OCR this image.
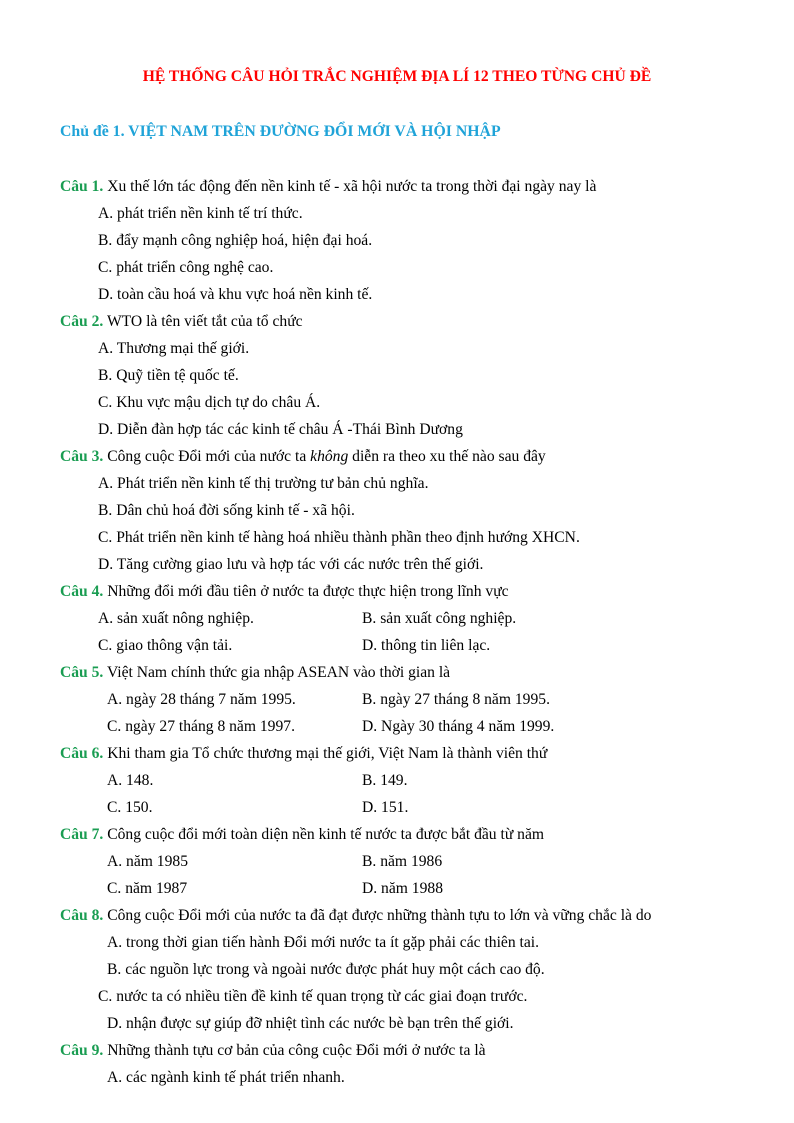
HỆ THỐNG CÂU HỎI TRẮC NGHIỆM ĐỊA LÍ 12 THEO TỪNG CHỦ ĐỀ
Chủ đề 1. VIỆT NAM TRÊN ĐƯỜNG ĐỔI MỚI VÀ HỘI NHẬP
Câu 1. Xu thế lớn tác động đến nền kinh tế - xã hội nước ta trong thời đại ngày nay là
A. phát triển nền kinh tế trí thức.
B. đẩy mạnh công nghiệp hoá, hiện đại hoá.
C. phát triển công nghệ cao.
D. toàn cầu hoá và khu vực hoá nền kinh tế.
Câu 2. WTO là tên viết tắt của tổ chức
A. Thương mại thế giới.
B. Quỹ tiền tệ quốc tế.
C. Khu vực mậu dịch tự do châu Á.
D. Diễn đàn hợp tác các kinh tế châu Á -Thái Bình Dương
Câu 3. Công cuộc Đổi mới của nước ta không diễn ra theo xu thế nào sau đây
A. Phát triển nền kinh tế thị trường tư bản chủ nghĩa.
B. Dân chủ hoá đời sống kinh tế - xã hội.
C. Phát triển nền kinh tế hàng hoá nhiều thành phần theo định hướng XHCN.
D. Tăng cường giao lưu và hợp tác với các nước trên thế giới.
Câu 4. Những đổi mới đầu tiên ở nước ta được thực hiện trong lĩnh vực
A. sản xuất nông nghiệp.	B. sản xuất công nghiệp.
C. giao thông vận tải.	D. thông tin liên lạc.
Câu 5. Việt Nam chính thức gia nhập ASEAN vào thời gian là
A. ngày 28 tháng 7 năm 1995.	B. ngày 27 tháng 8 năm 1995.
C. ngày 27 tháng 8 năm 1997.	D. Ngày 30 tháng 4 năm 1999.
Câu 6. Khi tham gia Tổ chức thương mại thế giới, Việt Nam là thành viên thứ
A. 148.	B. 149.
C. 150.	D. 151.
Câu 7. Công cuộc đổi mới toàn diện nền kinh tế nước ta được bắt đầu từ năm
A. năm 1985	B. năm 1986
C. năm 1987	D. năm 1988
Câu 8. Công cuộc Đổi mới của nước ta đã đạt được những thành tựu to lớn và vững chắc là do
A. trong thời gian tiến hành Đổi mới nước ta ít gặp phải các thiên tai.
B. các nguồn lực trong và ngoài nước được phát huy một cách cao độ.
C. nước ta có nhiều tiền đề kinh tế quan trọng từ các giai đoạn trước.
D. nhận được sự giúp đỡ nhiệt tình các nước bè bạn trên thế giới.
Câu 9. Những thành tựu cơ bản của công cuộc Đổi mới ở nước ta là
A. các ngành kinh tế phát triển nhanh.
